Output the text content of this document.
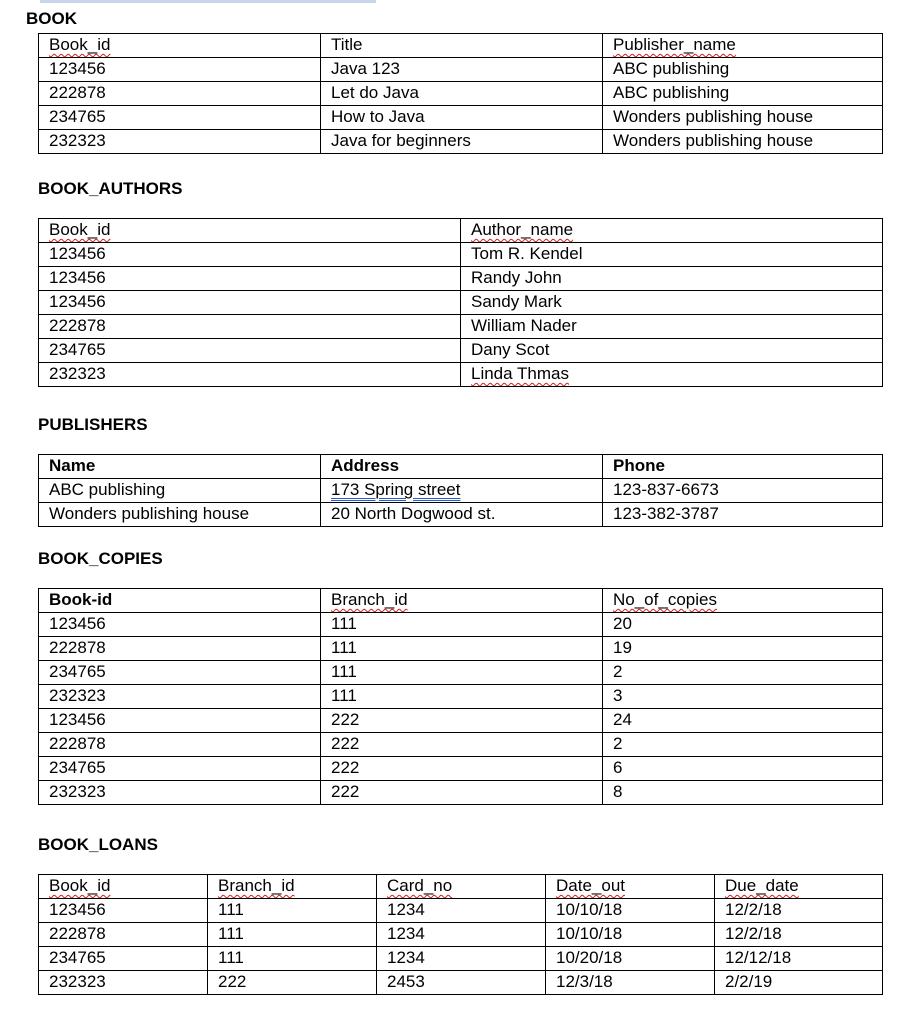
BOOK

Book_id	Title	Publisher_name
123456	Java 123	ABC publishing
222878	Let do Java	ABC publishing
234765	How to Java	Wonders publishing house
232323	Java for beginners	Wonders publishing house

BOOK_AUTHORS

Book_id	Author_name
123456	Tom R. Kendel
123456	Randy John
123456	Sandy Mark
222878	William Nader
234765	Dany Scot
232323	Linda Thmas

PUBLISHERS

Name	Address	Phone
ABC publishing	173 Spring street	123-837-6673
Wonders publishing house	20 North Dogwood st.	123-382-3787

BOOK_COPIES

Book-id	Branch_id	No_of_copies
123456	111	20
222878	111	19
234765	111	2
232323	111	3
123456	222	24
222878	222	2
234765	222	6
232323	222	8

BOOK_LOANS

Book_id	Branch_id	Card_no	Date_out	Due_date
123456	111	1234	10/10/18	12/2/18
222878	111	1234	10/10/18	12/2/18
234765	111	1234	10/20/18	12/12/18
232323	222	2453	12/3/18	2/2/19
